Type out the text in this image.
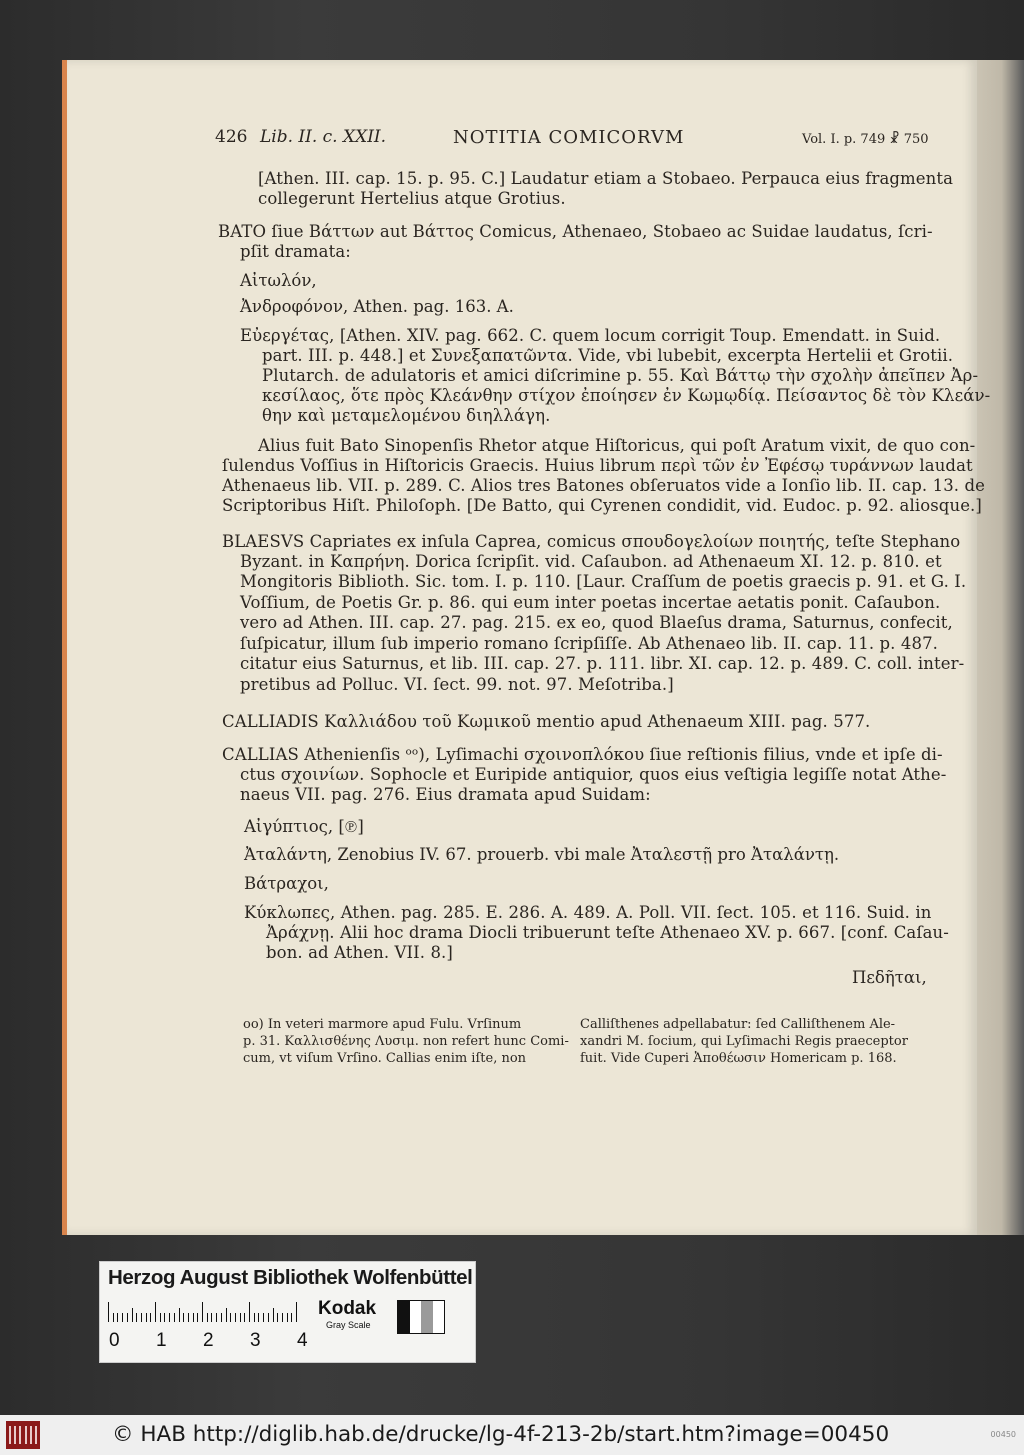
426 Lib. II. c. XXII.	NOTITIA COMICORVM	Vol. I. p. 749 ☧ 750
[Athen. III. cap. 15. p. 95. C.] Laudatur etiam a Stobaeo. Perpauca eius fragmenta
collegerunt Hertelius atque Grotius.
BATO ſiue Βάττων aut Βάττος Comicus, Athenaeo, Stobaeo ac Suidae laudatus, ſcri-
pſit dramata:
Αἰτωλόν,
Ἀνδροφόνον, Athen. pag. 163. A.
Εὐεργέτας, [Athen. XIV. pag. 662. C. quem locum corrigit Toup. Emendatt. in Suid.
part. III. p. 448.] et Συνεξαπατῶντα. Vide, vbi lubebit, excerpta Hertelii et Grotii.
Plutarch. de adulatoris et amici diſcrimine p. 55. Καὶ Βάττῳ τὴν σχολὴν ἀπεῖπεν Ἀρ-
κεσίλαος, ὅτε πρὸς Κλεάνθην στίχον ἐποίησεν ἐν Κωμῳδίᾳ. Πείσαντος δὲ τὸν Κλεάν-
θην καὶ μεταμελομένου διηλλάγη.
Alius fuit Bato Sinopenſis Rhetor atque Hiſtoricus, qui poſt Aratum vixit, de quo con-
ſulendus Voſſius in Hiſtoricis Graecis. Huius librum περὶ τῶν ἐν Ἐφέσῳ τυράννων laudat
Athenaeus lib. VII. p. 289. C. Alios tres Batones obſeruatos vide a Ionſio lib. II. cap. 13. de
Scriptoribus Hiſt. Philoſoph. [De Batto, qui Cyrenen condidit, vid. Eudoc. p. 92. aliosque.]
BLAESVS Capriates ex inſula Caprea, comicus σπουδογελοίων ποιητής, teſte Stephano
Byzant. in Καπρήνη. Dorica ſcripſit. vid. Caſaubon. ad Athenaeum XI. 12. p. 810. et
Mongitoris Biblioth. Sic. tom. I. p. 110. [Laur. Craſſum de poetis graecis p. 91. et G. I.
Voſſium, de Poetis Gr. p. 86. qui eum inter poetas incertae aetatis ponit. Caſaubon.
vero ad Athen. III. cap. 27. pag. 215. ex eo, quod Blaeſus drama, Saturnus, confecit,
ſuſpicatur, illum ſub imperio romano ſcripſiſſe. Ab Athenaeo lib. II. cap. 11. p. 487.
citatur eius Saturnus, et lib. III. cap. 27. p. 111. libr. XI. cap. 12. p. 489. C. coll. inter-
pretibus ad Polluc. VI. ſect. 99. not. 97. Meſotriba.]
CALLIADIS Καλλιάδου τοῦ Κωμικοῦ mentio apud Athenaeum XIII. pag. 577.
CALLIAS Athenienſis ᵒᵒ), Lyſimachi σχοινοπλόκου ſiue reſtionis filius, vnde et ipſe di-
ctus σχοινίων. Sophocle et Euripide antiquior, quos eius veſtigia legiſſe notat Athe-
naeus VII. pag. 276. Eius dramata apud Suidam:
Αἰγύπτιος, [℗]
Ἀταλάντη, Zenobius IV. 67. prouerb. vbi male Ἀταλεστῇ pro Ἀταλάντῃ.
Βάτραχοι,
Κύκλωπες, Athen. pag. 285. E. 286. A. 489. A. Poll. VII. ſect. 105. et 116. Suid. in
Ἀράχνῃ. Alii hoc drama Diocli tribuerunt teſte Athenaeo XV. p. 667. [conf. Caſau-
bon. ad Athen. VII. 8.]
Πεδῆται,
oo) In veteri marmore apud Fulu. Vrſinum
p. 31. Καλλισθένης Λυσιμ. non refert hunc Comi-
cum, vt viſum Vrſino. Callias enim iſte, non
Calliſthenes adpellabatur: ſed Calliſthenem Ale-
xandri M. ſocium, qui Lyſimachi Regis praeceptor
fuit. Vide Cuperi Ἀποθέωσιν Homericam p. 168.
Herzog August Bibliothek Wolfenbüttel
0 1 2 3 4
Kodak
Gray Scale
© HAB http://diglib.hab.de/drucke/lg-4f-213-2b/start.htm?image=00450	00450
